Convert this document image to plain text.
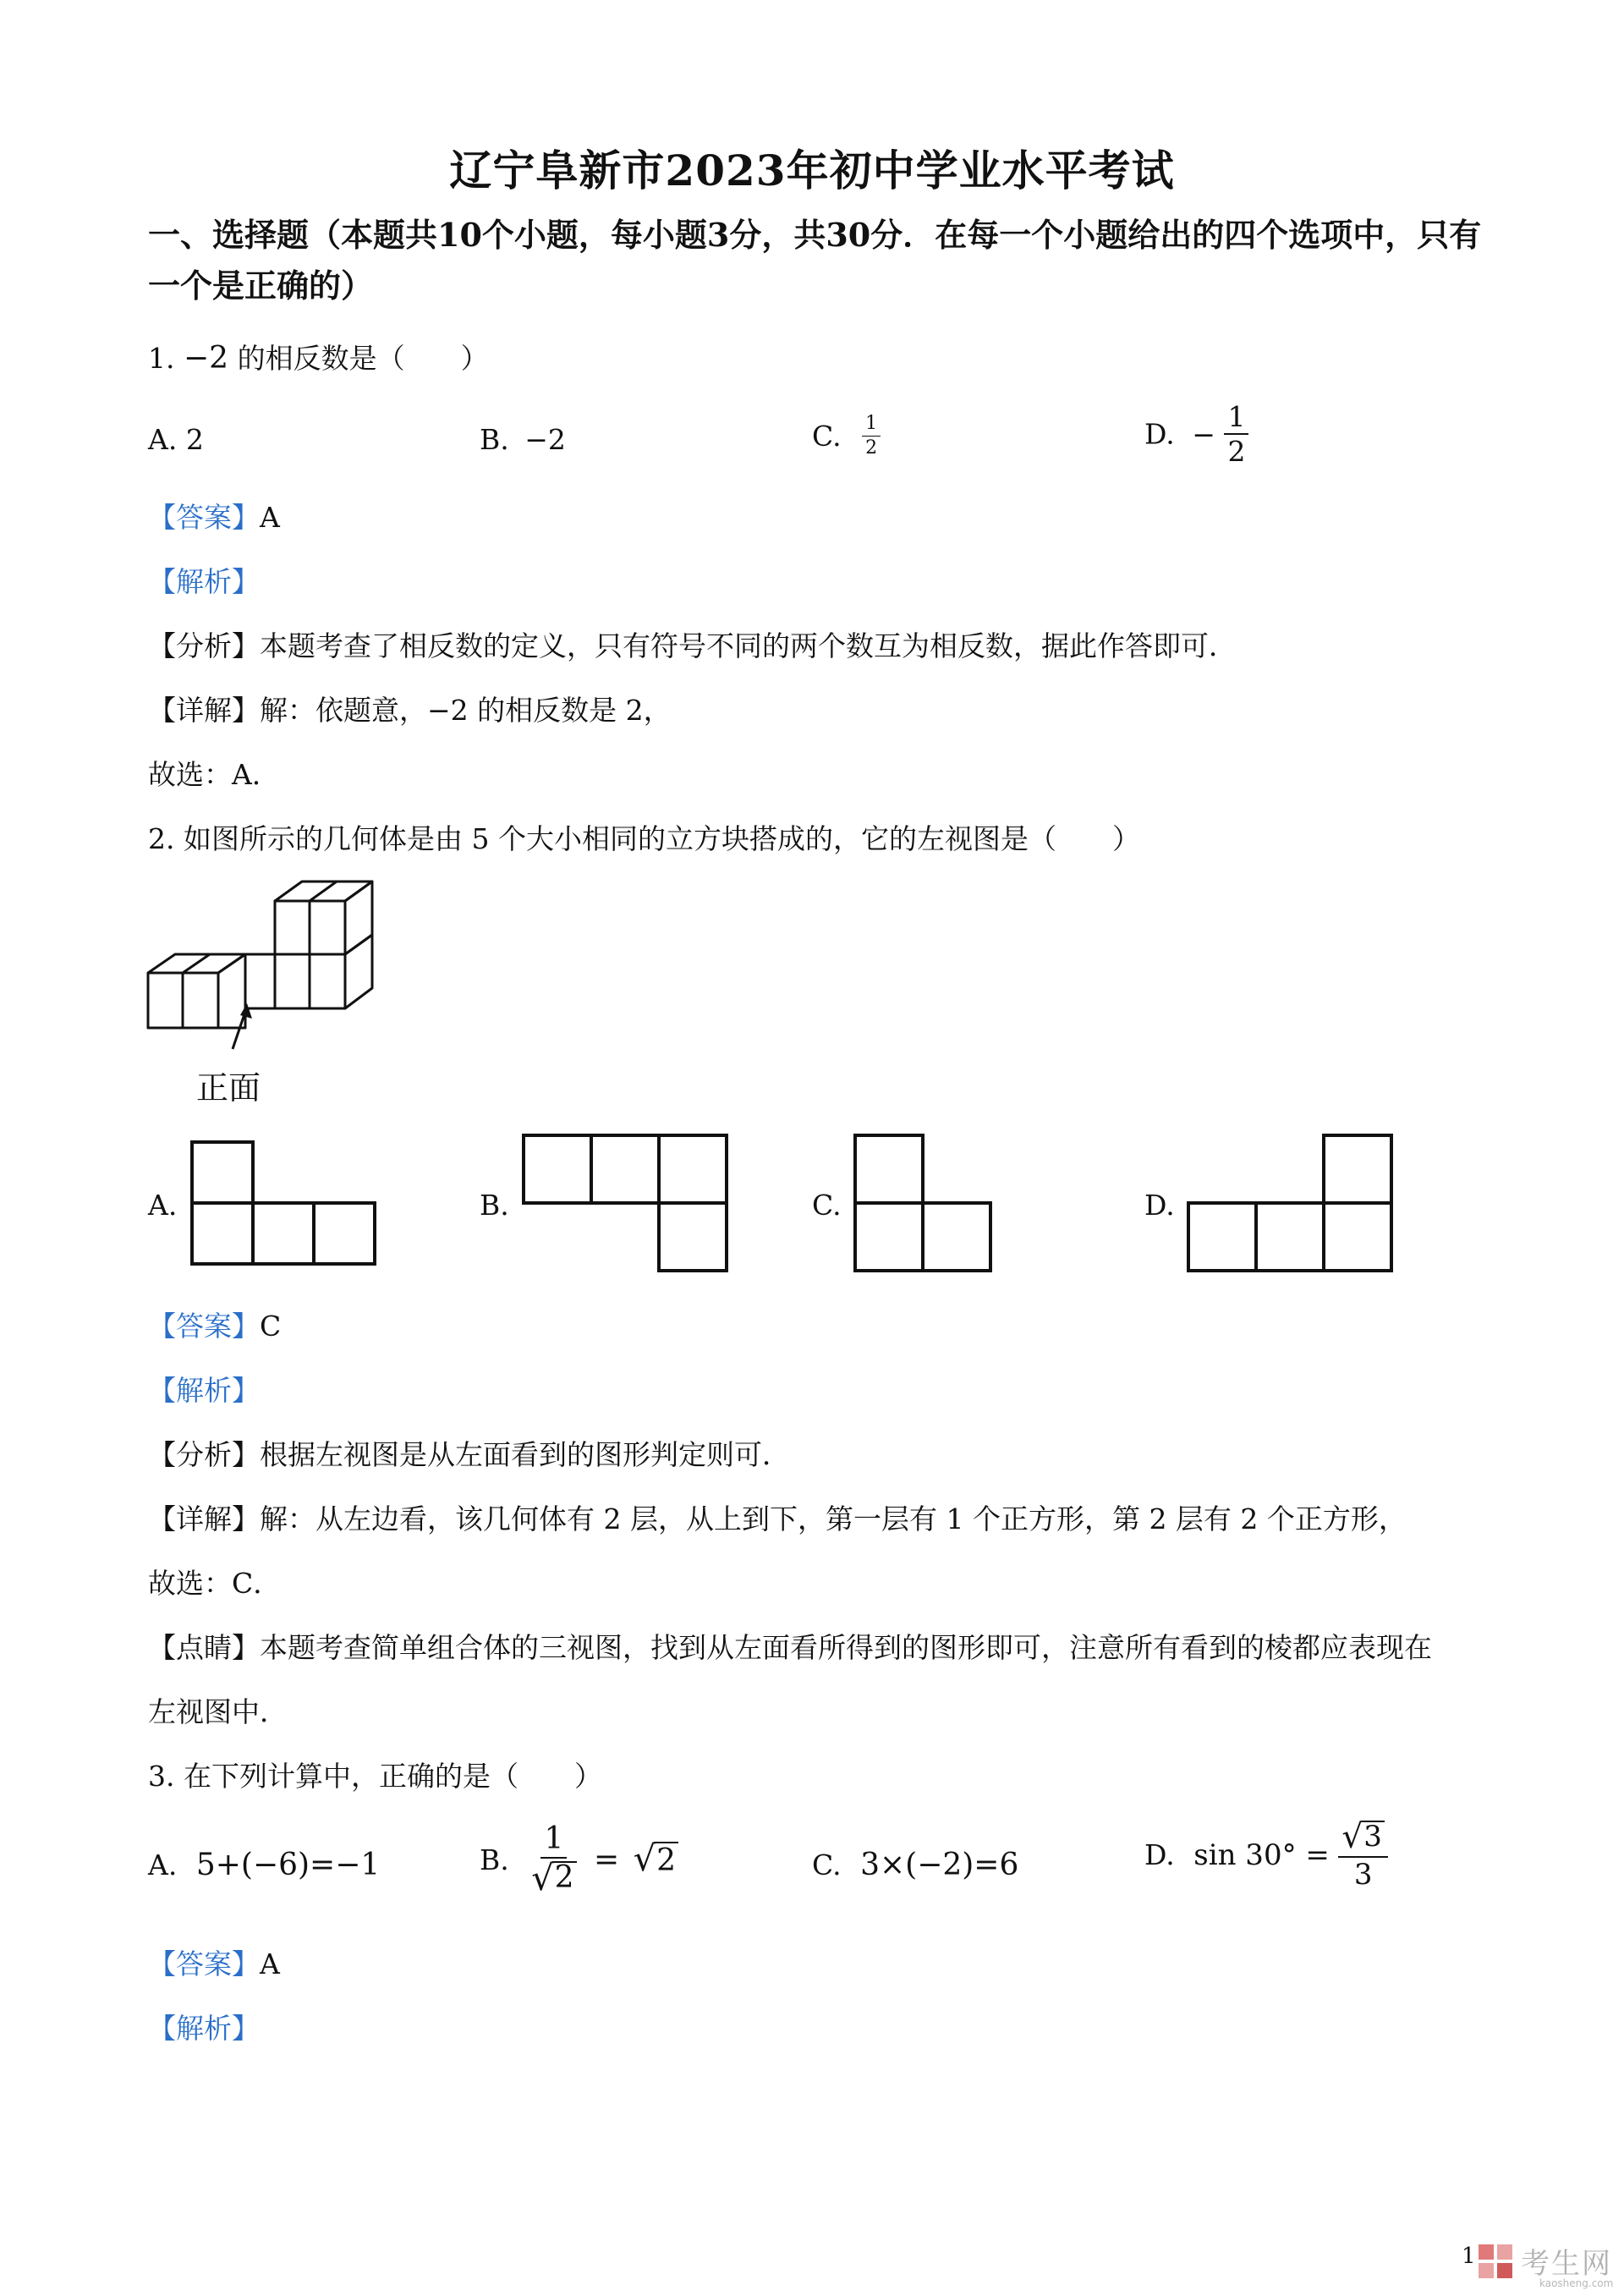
辽宁阜新市2023年初中学业水平考试
一、选择题（本题共10个小题，每小题3分，共30分．在每一个小题给出的四个选项中，只有一个是正确的）
1. −2 的相反数是（　　）
A. 2	B. −2	C. $\frac{1}{2}$	D. − $\frac{1}{2}$
【答案】A
【解析】
【分析】本题考查了相反数的定义，只有符号不同的两个数互为相反数，据此作答即可．
【详解】解：依题意，−2 的相反数是 2，
故选：A．
2. 如图所示的几何体是由 5 个大小相同的立方块搭成的，它的左视图是（　　）
正面
A.	B.	C.	D.
【答案】C
【解析】
【分析】根据左视图是从左面看到的图形判定则可．
【详解】解：从左边看，该几何体有 2 层，从上到下，第一层有 1 个正方形，第 2 层有 2 个正方形，
故选：C．
【点睛】本题考查简单组合体的三视图，找到从左面看所得到的图形即可，注意所有看到的棱都应表现在
左视图中．
3. 在下列计算中，正确的是（　　）
A. 5+(−6)=−1	B. $\frac{1}{√ 2}$ = √ 2	C. 3×(−2)=6	D. $\sin 30^\circ = \frac{√ 3}{3}$
【答案】A
【解析】
1 考生网
kaosheng.com
